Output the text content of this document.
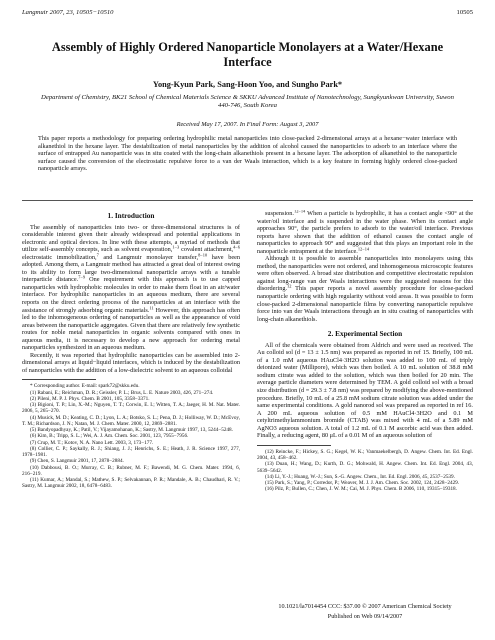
Langmuir 2007, 23, 10505−10510	10505
Assembly of Highly Ordered Nanoparticle Monolayers at a Water/Hexane Interface
Yong-Kyun Park, Sang-Hoon Yoo, and Sungho Park*
Department of Chemistry, BK21 School of Chemical Materials Science & SKKU Advanced Institute of Nanotechnology, Sungkyunkwan University, Suwon 440-746, South Korea
Received May 17, 2007. In Final Form: August 3, 2007
This paper reports a methodology for preparing ordering hydrophilic metal nanoparticles into close-packed 2-dimensional arrays at a hexane−water interface with alkanethiol in the hexane layer. The destabilization of metal nanoparticles by the addition of alcohol caused the nanoparticles to adsorb to an interface where the surface of entrapped Au nanoparticle was in situ coated with the long-chain alkanethiols present in a hexane layer. The adsorption of alkanethiol to the nanoparticle surface caused the conversion of the electrostatic repulsive force to a van der Waals interaction, which is a key feature in forming highly ordered close-packed nanoparticle arrays.
1. Introduction

The assembly of nanoparticles into two- or three-dimensional structures is of considerable interest given their already widespread and potential applications in electronic and optical devices. In line with these attempts, a myriad of methods that utilize self-assembly concepts, such as solvent evaporation,$^{1-3}$ covalent attachment,$^{4-6}$ electrostatic immobilization,$^7$ and Langmuir monolayer transfer,$^{8-10}$ have been adopted. Among them, a Langmuir method has attracted a great deal of interest owing to its ability to form large two-dimensional nanoparticle arrays with a tunable interparticle distance.$^{7-9}$ One requirement with this approach is to use capped nanoparticles with hydrophobic molecules in order to make them float in an air/water interface. For hydrophilic nanoparticles in an aqueous medium, there are several reports on the direct ordering process of the nanoparticles at an interface with the assistance of strongly adsorbing organic materials.$^{11}$ However, this approach has often led to the inhomogeneous ordering of nanoparticles as well as the appearance of void areas between the nanoparticle aggregates. Given that there are relatively few synthetic routes for noble metal nanoparticles in organic solvents compared with ones in aqueous media, it is necessary to develop a new approach for ordering metal nanoparticles synthesized in an aqueous medium.

Recently, it was reported that hydrophilic nanoparticles can be assembled into 2-dimensional arrays at liquid−liquid interfaces, which is induced by the destabilization of nanoparticles with the addition of a low-dielectric solvent to an aqueous colloidal

* Corresponding author. E-mail: spark72@skku.edu.

(1) Rabani, E.; Reichman, D. R.; Geissler, P. L.; Brus, L. E. Nature 2003, 426, 271−274.

(2) Pileni, M. P. J. Phys. Chem. B 2001, 105, 3358−3371.

(3) Bigioni, T. P.; Lin, X.-M.; Nguyen, T. T.; Corwin, E. I.; Witten, T. A.; Jaeger, H. M. Nat. Mater. 2006, 5, 265−270.

(4) Musick, M. D.; Keating, C. D.; Lyon, L. A.; Botsko, S. L.; Pena, D. J.; Holliway, W. D.; McEvoy, T. M.; Richardson, J. N.; Natan, M. J. Chem. Mater. 2000, 12, 2869−2881.

(5) Bandyopadhyay, K.; Patil, V.; Vijayamohanan, K.; Sastry, M. Langmuir 1997, 13, 5244−5248.

(6) Kim, B.; Tripp, S. L.; Wei, A. J. Am. Chem. Soc. 2001, 123, 7955−7956.

(7) Crup, M. T.; Kotov, N. A. Nano Lett. 2003, 3, 173−177.

(8) Collier, C. P.; Saykally, R. J.; Shiang, J. J.; Henrichs, S. E.; Heath, J. R. Science 1997, 277, 1978−1981.

(9) Chen, S. Langmuir 2001, 17, 2878−2884.

(10) Dabbousi, B. O.; Murray, C. B.; Rubner, M. F.; Bawendi, M. G. Chem. Mater. 1994, 6, 216−219.

(11) Kumar, A.; Mandal, S.; Mathew, S. P.; Selvakannan, P. R.; Mandale, A. B.; Chaudhari, R. V.; Sastry, M. Langmuir 2002, 18, 6478−6483.

suspension.$^{12-14}$ When a particle is hydrophilic, it has a contact angle <90° at the water/oil interface and is suspended in the water phase. When its contact angle approaches 90°, the particle prefers to adsorb to the water/oil interface. Previous reports have shown that the addition of ethanol causes the contact angle of nanoparticles to approach 90° and suggested that this plays an important role in the nanoparticle entrapment at the interface.$^{12-14}$

Although it is possible to assemble nanoparticles into monolayers using this method, the nanoparticles were not ordered, and inhomogeneous microscopic features were often observed. A broad size distribution and competitive electrostatic repulsion against long-range van der Waals interactions were the suggested reasons for this disordering.$^{12}$ This paper reports a novel assembly procedure for close-packed nanoparticle ordering with high regularity without void areas. It was possible to form close-packed 2-dimensional nanoparticle films by converting nanoparticle repulsive force into van der Waals interactions through an in situ coating of nanoparticles with long-chain alkanethiols.

2. Experimental Section

All of the chemicals were obtained from Aldrich and were used as received. The Au colloid sol (d = 13 ± 1.5 nm) was prepared as reported in ref 15. Briefly, 100 mL of a 1.0 mM aqueous HAuCl4·3H2O solution was added to 100 mL of triply deionized water (Millipore), which was then boiled. A 10 mL solution of 38.8 mM sodium citrate was added to the solution, which was then boiled for 20 min. The average particle diameters were determined by TEM. A gold colloid sol with a broad size distribution (d = 29.3 ± 7.8 nm) was prepared by modifying the above-mentioned procedure. Briefly, 10 mL of a 25.8 mM sodium citrate solution was added under the same experimental conditions. A gold nanorod sol was prepared as reported in ref 16. A 200 mL aqueous solution of 0.5 mM HAuCl4·3H2O and 0.1 M cetyltrimethylammonium bromide (CTAB) was mixed with 4 mL of a 5.89 mM AgNO3 aqueous solution. A total of 1.2 mL of 0.1 M ascorbic acid was then added. Finally, a reducing agent, 80 μL of a 0.01 M of an aqueous solution of

(12) Reincke, F.; Hickey, S. G.; Kegel, W. K.; Vanmaekelbergh, D. Angew. Chem. Int. Ed. Engl. 2004, 43, 458−462.

(13) Duan, H.; Wang, D.; Kurth, D. G.; Mohwald, H. Angew. Chem. Int. Ed. Engl. 2004, 43, 5639−5642.

(14) Li, Y.-J.; Huang, W.-J.; Sun, S.-G. Angew. Chem., Int. Ed. Engl. 2006, 45, 2537−2539.

(15) Park, S.; Yang, P.; Corredor, P.; Weaver, M. J. J. Am. Chem. Soc. 2002, 124, 2428−2429.

(16) Pilz, P.; Bullen, C.; Chen, J. W. M.; Cai, M. J. Phys. Chem. B 2006, 110, 19315−19318.

10.1021/la7014454 CCC: $37.00 © 2007 American Chemical Society
Published on Web 09/14/2007
